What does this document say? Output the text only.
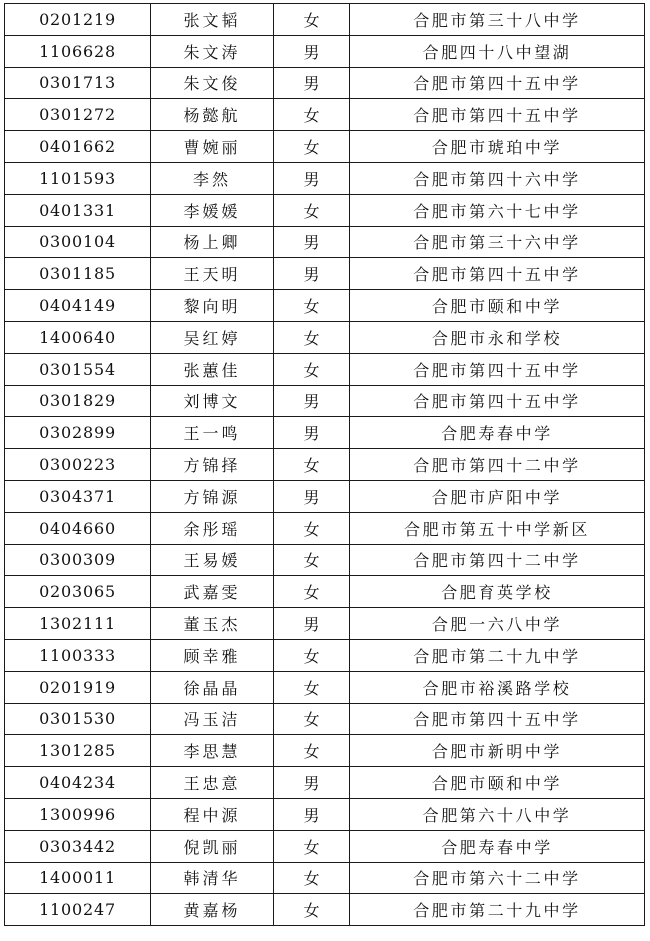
0201219	张文韬	女	合肥市第三十八中学
1106628	朱文涛	男	合肥四十八中望湖
0301713	朱文俊	男	合肥市第四十五中学
0301272	杨懿航	女	合肥市第四十五中学
0401662	曹婉丽	女	合肥市琥珀中学
1101593	李然	男	合肥市第四十六中学
0401331	李媛媛	女	合肥市第六十七中学
0300104	杨上卿	男	合肥市第三十六中学
0301185	王天明	男	合肥市第四十五中学
0404149	黎向明	女	合肥市颐和中学
1400640	吴红婷	女	合肥市永和学校
0301554	张蕙佳	女	合肥市第四十五中学
0301829	刘博文	男	合肥市第四十五中学
0302899	王一鸣	男	合肥寿春中学
0300223	方锦择	女	合肥市第四十二中学
0304371	方锦源	男	合肥市庐阳中学
0404660	余彤瑶	女	合肥市第五十中学新区
0300309	王易媛	女	合肥市第四十二中学
0203065	武嘉雯	女	合肥育英学校
1302111	董玉杰	男	合肥一六八中学
1100333	顾幸雅	女	合肥市第二十九中学
0201919	徐晶晶	女	合肥市裕溪路学校
0301530	冯玉洁	女	合肥市第四十五中学
1301285	李思慧	女	合肥市新明中学
0404234	王忠意	男	合肥市颐和中学
1300996	程中源	男	合肥第六十八中学
0303442	倪凯丽	女	合肥寿春中学
1400011	韩清华	女	合肥市第六十二中学
1100247	黄嘉杨	女	合肥市第二十九中学
